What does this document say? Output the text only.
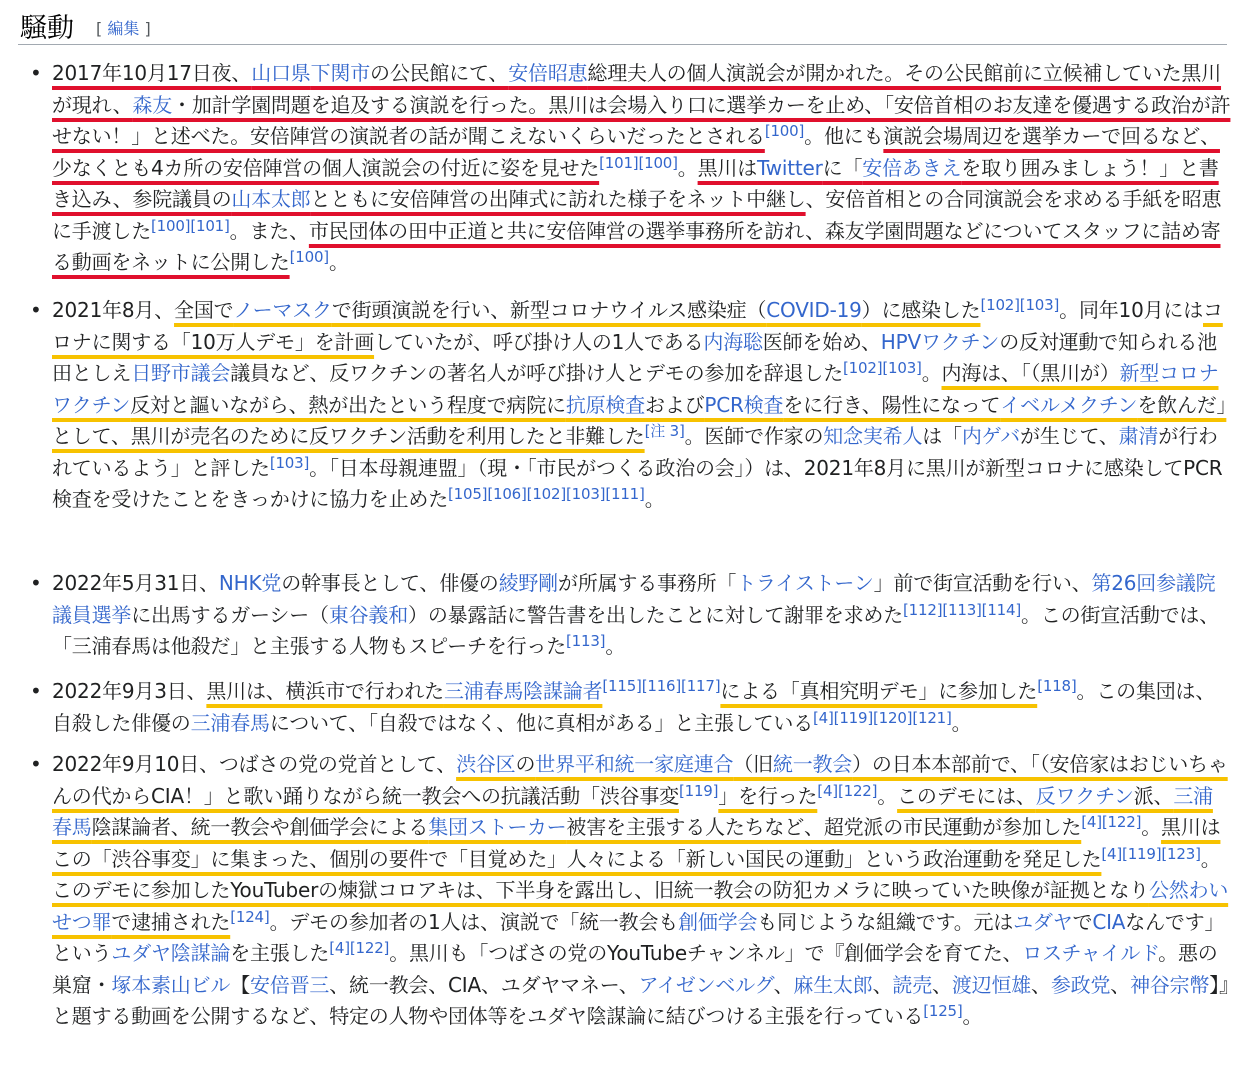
騒動 [ 編集 ]
• 2017年10月17日夜、山口県下関市の公民館にて、安倍昭恵総理夫人の個人演説会が開かれた。その公民館前に立候補していた黒川が現れ、森友・加計学園問題を追及する演説を行った。黒川は会場入り口に選挙カーを止め、「安倍首相のお友達を優遇する政治が許せない！」と述べた。安倍陣営の演説者の話が聞こえないくらいだったとされる[100]。他にも演説会場周辺を選挙カーで回るなど、少なくとも4カ所の安倍陣営の個人演説会の付近に姿を見せた[101][100]。黒川はTwitterに「安倍あきえを取り囲みましょう！」と書き込み、参院議員の山本太郎とともに安倍陣営の出陣式に訪れた様子をネット中継し、安倍首相との合同演説会を求める手紙を昭恵に手渡した[100][101]。また、市民団体の田中正道と共に安倍陣営の選挙事務所を訪れ、森友学園問題などについてスタッフに詰め寄る動画をネットに公開した[100]。

• 2021年8月、全国でノーマスクで街頭演説を行い、新型コロナウイルス感染症（COVID-19）に感染した[102][103]。同年10月にはコロナに関する「10万人デモ」を計画していたが、呼び掛け人の1人である内海聡医師を始め、HPVワクチンの反対運動で知られる池田としえ日野市議会議員など、反ワクチンの著名人が呼び掛け人とデモの参加を辞退した[102][103]。内海は、「（黒川が）新型コロナワクチン反対と謳いながら、熱が出たという程度で病院に抗原検査およびPCR検査をに行き、陽性になってイベルメクチンを飲んだ」として、黒川が売名のために反ワクチン活動を利用したと非難した[注 3]。医師で作家の知念実希人は「内ゲバが生じて、粛清が行われているよう」と評した[103]。「日本母親連盟」（現・「市民がつくる政治の会」）は、2021年8月に黒川が新型コロナに感染してPCR検査を受けたことをきっかけに協力を止めた[105][106][102][103][111]。

• 2022年5月31日、NHK党の幹事長として、俳優の綾野剛が所属する事務所「トライストーン」前で街宣活動を行い、第26回参議院議員選挙に出馬するガーシー（東谷義和）の暴露話に警告書を出したことに対して謝罪を求めた[112][113][114]。この街宣活動では、「三浦春馬は他殺だ」と主張する人物もスピーチを行った[113]。

• 2022年9月3日、黒川は、横浜市で行われた三浦春馬陰謀論者[115][116][117]による「真相究明デモ」に参加した[118]。この集団は、自殺した俳優の三浦春馬について、「自殺ではなく、他に真相がある」と主張している[4][119][120][121]。

• 2022年9月10日、つばさの党の党首として、渋谷区の世界平和統一家庭連合（旧統一教会）の日本本部前で、「（安倍家はおじいちゃんの代からCIA！」と歌い踊りながら統一教会への抗議活動「渋谷事変[119]」を行った[4][122]。このデモには、反ワクチン派、三浦春馬陰謀論者、統一教会や創価学会による集団ストーカー被害を主張する人たちなど、超党派の市民運動が参加した[4][122]。黒川はこの「渋谷事変」に集まった、個別の要件で「目覚めた」人々による「新しい国民の運動」という政治運動を発足した[4][119][123]。このデモに参加したYouTuberの煉獄コロアキは、下半身を露出し、旧統一教会の防犯カメラに映っていた映像が証拠となり公然わいせつ罪で逮捕された[124]。デモの参加者の1人は、演説で「統一教会も創価学会も同じような組織です。元はユダヤでCIAなんです」というユダヤ陰謀論を主張した[4][122]。黒川も「つばさの党のYouTubeチャンネル」で『創価学会を育てた、ロスチャイルド。悪の巣窟・塚本素山ビル【安倍晋三、統一教会、CIA、ユダヤマネー、アイゼンベルグ、麻生太郎、読売、渡辺恒雄、参政党、神谷宗幣】』と題する動画を公開するなど、特定の人物や団体等をユダヤ陰謀論に結びつける主張を行っている[125]。
